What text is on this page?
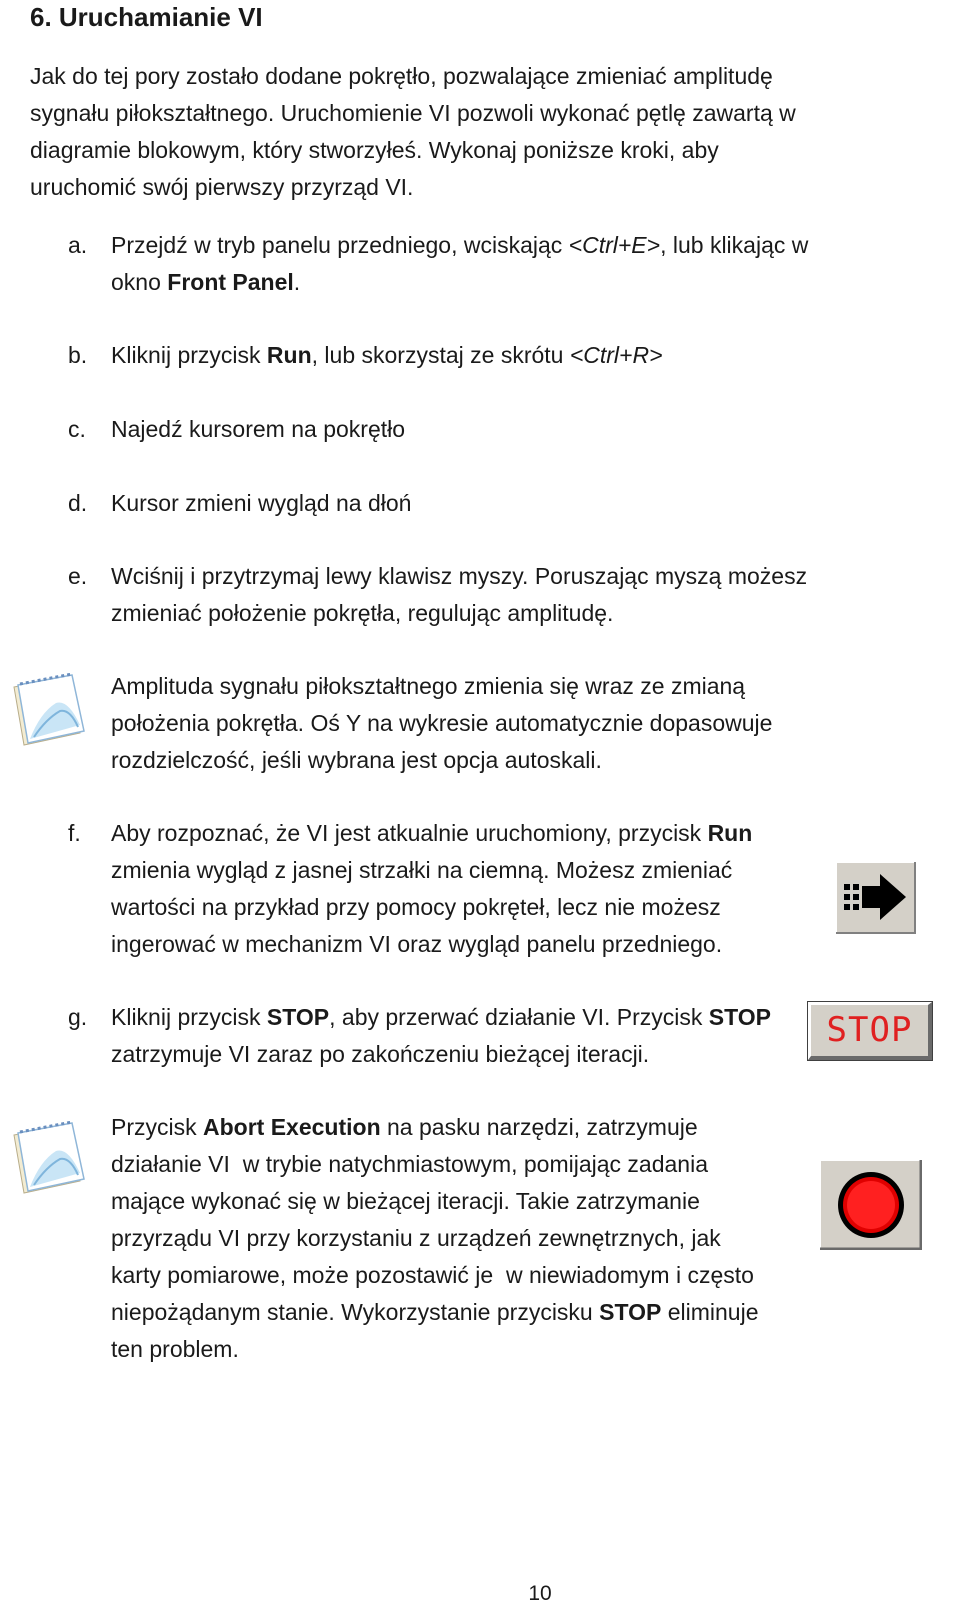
6. Uruchamianie VI
Jak do tej pory zostało dodane pokrętło, pozwalające zmieniać amplitudę
sygnału piłokształtnego. Uruchomienie VI pozwoli wykonać pętlę zawartą w
diagramie blokowym, który stworzyłeś. Wykonaj poniższe kroki, aby
uruchomić swój pierwszy przyrząd VI.
a. Przejdź w tryb panelu przedniego, wciskając <Ctrl+E>, lub klikając w
okno Front Panel.
b. Kliknij przycisk Run, lub skorzystaj ze skrótu <Ctrl+R>
c. Najedź kursorem na pokrętło
d. Kursor zmieni wygląd na dłoń
e. Wciśnij i przytrzymaj lewy klawisz myszy. Poruszając myszą możesz
zmieniać położenie pokrętła, regulując amplitudę.
Amplituda sygnału piłokształtnego zmienia się wraz ze zmianą
położenia pokrętła. Oś Y na wykresie automatycznie dopasowuje
rozdzielczość, jeśli wybrana jest opcja autoskali.
f. Aby rozpoznać, że VI jest atkualnie uruchomiony, przycisk Run
zmienia wygląd z jasnej strzałki na ciemną. Możesz zmieniać
wartości na przykład przy pomocy pokręteł, lecz nie możesz
ingerować w mechanizm VI oraz wygląd panelu przedniego.
g. Kliknij przycisk STOP, aby przerwać działanie VI. Przycisk STOP
zatrzymuje VI zaraz po zakończeniu bieżącej iteracji.
STOP
Przycisk Abort Execution na pasku narzędzi, zatrzymuje
działanie VI  w trybie natychmiastowym, pomijając zadania
mające wykonać się w bieżącej iteracji. Takie zatrzymanie
przyrządu VI przy korzystaniu z urządzeń zewnętrznych, jak
karty pomiarowe, może pozostawić je  w niewiadomym i często
niepożądanym stanie. Wykorzystanie przycisku STOP eliminuje
ten problem.
10
